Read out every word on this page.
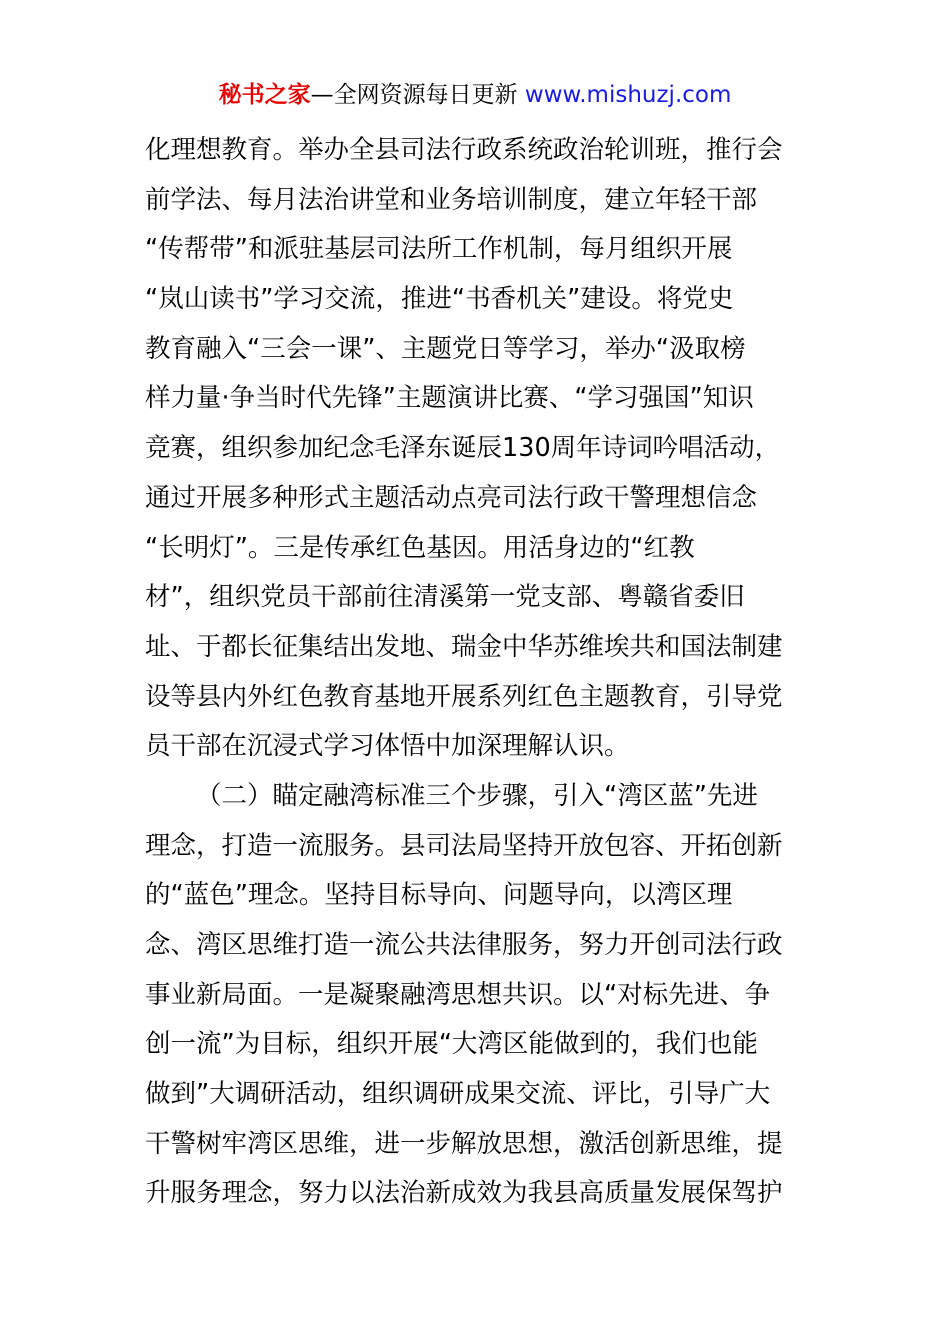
秘书之家—全网资源每日更新 www.mishuzj.com
化理想教育。举办全县司法行政系统政治轮训班，推行会
前学法、每月法治讲堂和业务培训制度，建立年轻干部
“传帮带”和派驻基层司法所工作机制，每月组织开展
“岚山读书”学习交流，推进“书香机关”建设。将党史
教育融入“三会一课”、主题党日等学习，举办“汲取榜
样力量·争当时代先锋”主题演讲比赛、“学习强国”知识
竞赛，组织参加纪念毛泽东诞辰130周年诗词吟唱活动，
通过开展多种形式主题活动点亮司法行政干警理想信念
“长明灯”。三是传承红色基因。用活身边的“红教
材”，组织党员干部前往清溪第一党支部、粤赣省委旧
址、于都长征集结出发地、瑞金中华苏维埃共和国法制建
设等县内外红色教育基地开展系列红色主题教育，引导党
员干部在沉浸式学习体悟中加深理解认识。
（二）瞄定融湾标准三个步骤，引入“湾区蓝”先进
理念，打造一流服务。县司法局坚持开放包容、开拓创新
的“蓝色”理念。坚持目标导向、问题导向，以湾区理
念、湾区思维打造一流公共法律服务，努力开创司法行政
事业新局面。一是凝聚融湾思想共识。以“对标先进、争
创一流”为目标，组织开展“大湾区能做到的，我们也能
做到”大调研活动，组织调研成果交流、评比，引导广大
干警树牢湾区思维，进一步解放思想，激活创新思维，提
升服务理念，努力以法治新成效为我县高质量发展保驾护
